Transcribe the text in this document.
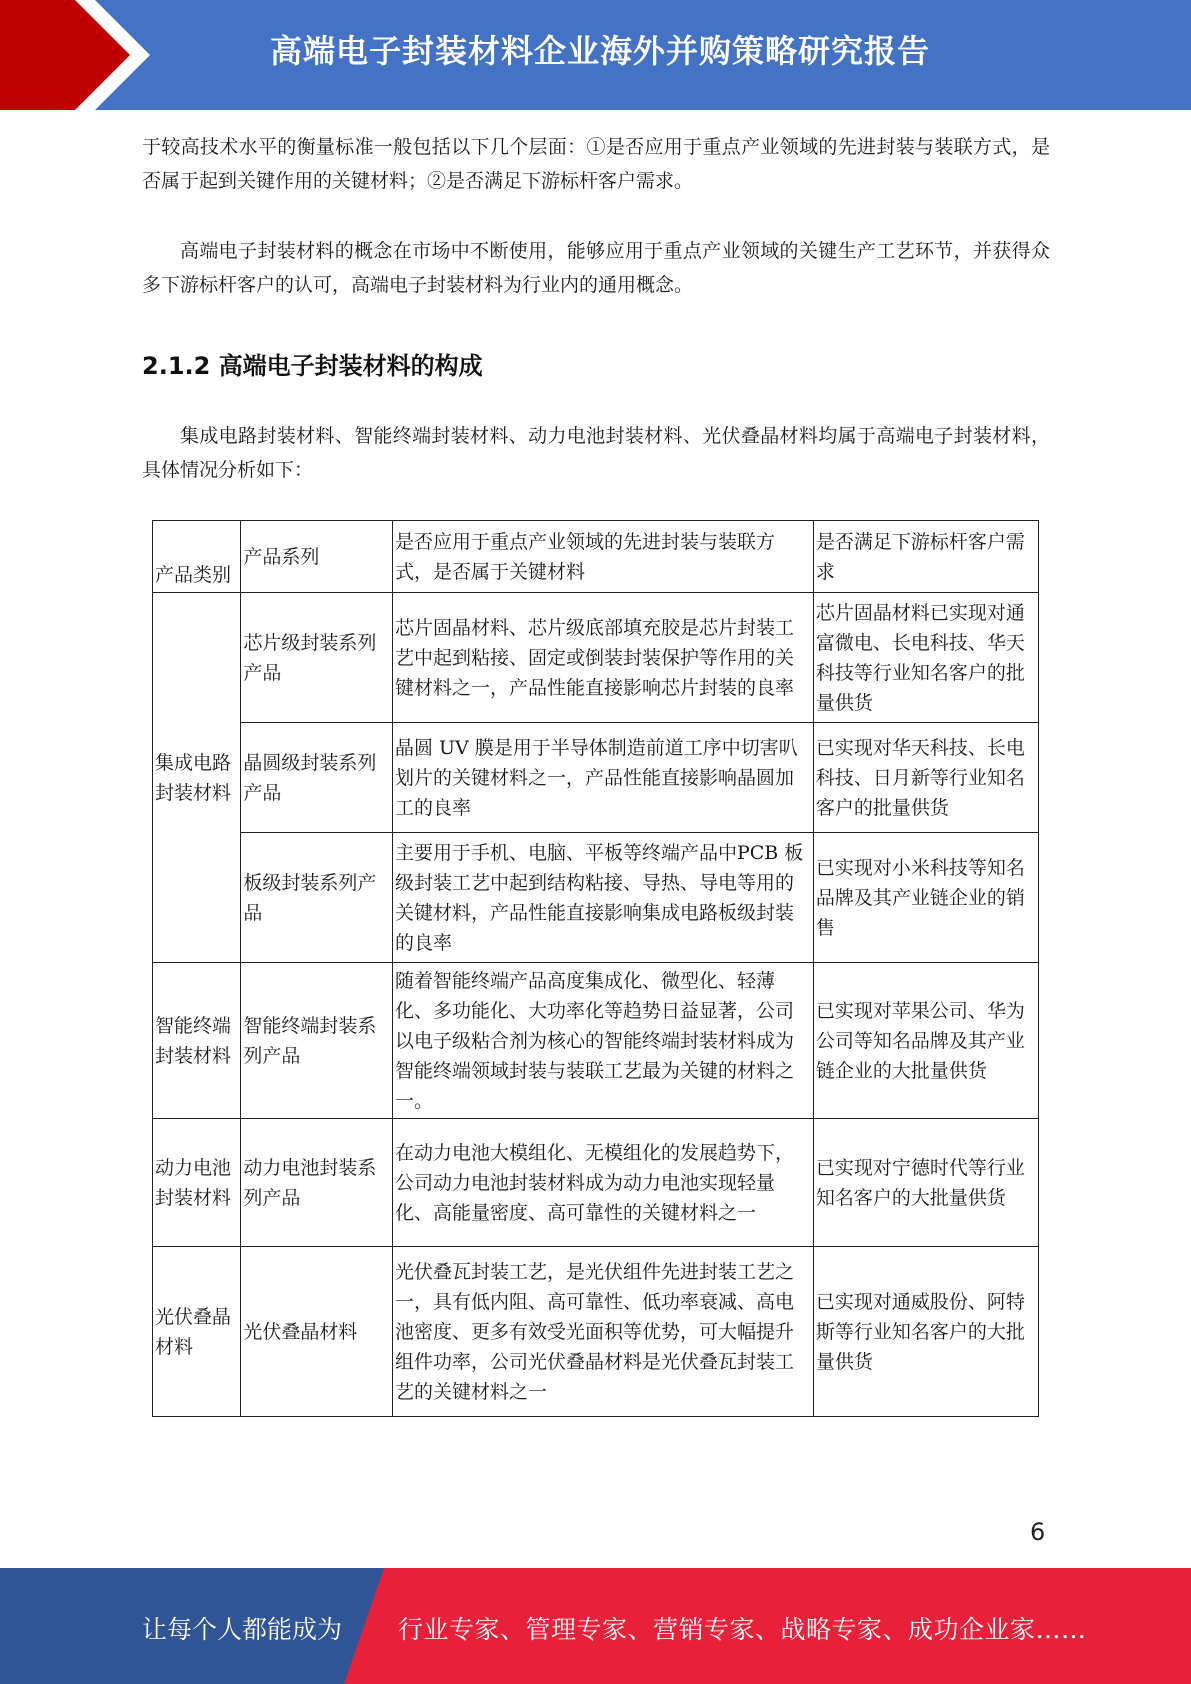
高端电子封装材料企业海外并购策略研究报告

于较高技术水平的衡量标准一般包括以下几个层面：①是否应用于重点产业领域的先进封装与装联方式，是否属于起到关键作用的关键材料；②是否满足下游标杆客户需求。

高端电子封装材料的概念在市场中不断使用，能够应用于重点产业领域的关键生产工艺环节，并获得众多下游标杆客户的认可，高端电子封装材料为行业内的通用概念。

2.1.2 高端电子封装材料的构成

集成电路封装材料、智能终端封装材料、动力电池封装材料、光伏叠晶材料均属于高端电子封装材料，具体情况分析如下：

产品类别	产品系列	是否应用于重点产业领域的先进封装与装联方式，是否属于关键材料	是否满足下游标杆客户需求
集成电路封装材料	芯片级封装系列产品	芯片固晶材料、芯片级底部填充胶是芯片封装工艺中起到粘接、固定或倒装封装保护等作用的关键材料之一，产品性能直接影响芯片封装的良率	芯片固晶材料已实现对通富微电、长电科技、华天科技等行业知名客户的批量供货
	晶圆级封装系列产品	晶圆 UV 膜是用于半导体制造前道工序中切害叭划片的关键材料之一，产品性能直接影响晶圆加工的良率	已实现对华天科技、长电科技、日月新等行业知名客户的批量供货
	板级封装系列产品	主要用于手机、电脑、平板等终端产品中PCB 板级封装工艺中起到结构粘接、导热、导电等用的关键材料，产品性能直接影响集成电路板级封装的良率	已实现对小米科技等知名品牌及其产业链企业的销售
智能终端封装材料	智能终端封装系列产品	随着智能终端产品高度集成化、微型化、轻薄化、多功能化、大功率化等趋势日益显著，公司以电子级粘合剂为核心的智能终端封装材料成为智能终端领域封装与装联工艺最为关键的材料之一。	已实现对苹果公司、华为公司等知名品牌及其产业链企业的大批量供货
动力电池封装材料	动力电池封装系列产品	在动力电池大模组化、无模组化的发展趋势下，公司动力电池封装材料成为动力电池实现轻量化、高能量密度、高可靠性的关键材料之一	已实现对宁德时代等行业知名客户的大批量供货
光伏叠晶材料	光伏叠晶材料	光伏叠瓦封装工艺，是光伏组件先进封装工艺之一，具有低内阻、高可靠性、低功率衰减、高电池密度、更多有效受光面积等优势，可大幅提升组件功率，公司光伏叠晶材料是光伏叠瓦封装工艺的关键材料之一	已实现对通威股份、阿特斯等行业知名客户的大批量供货
6
让每个人都能成为 行业专家、管理专家、营销专家、战略专家、成功企业家……
